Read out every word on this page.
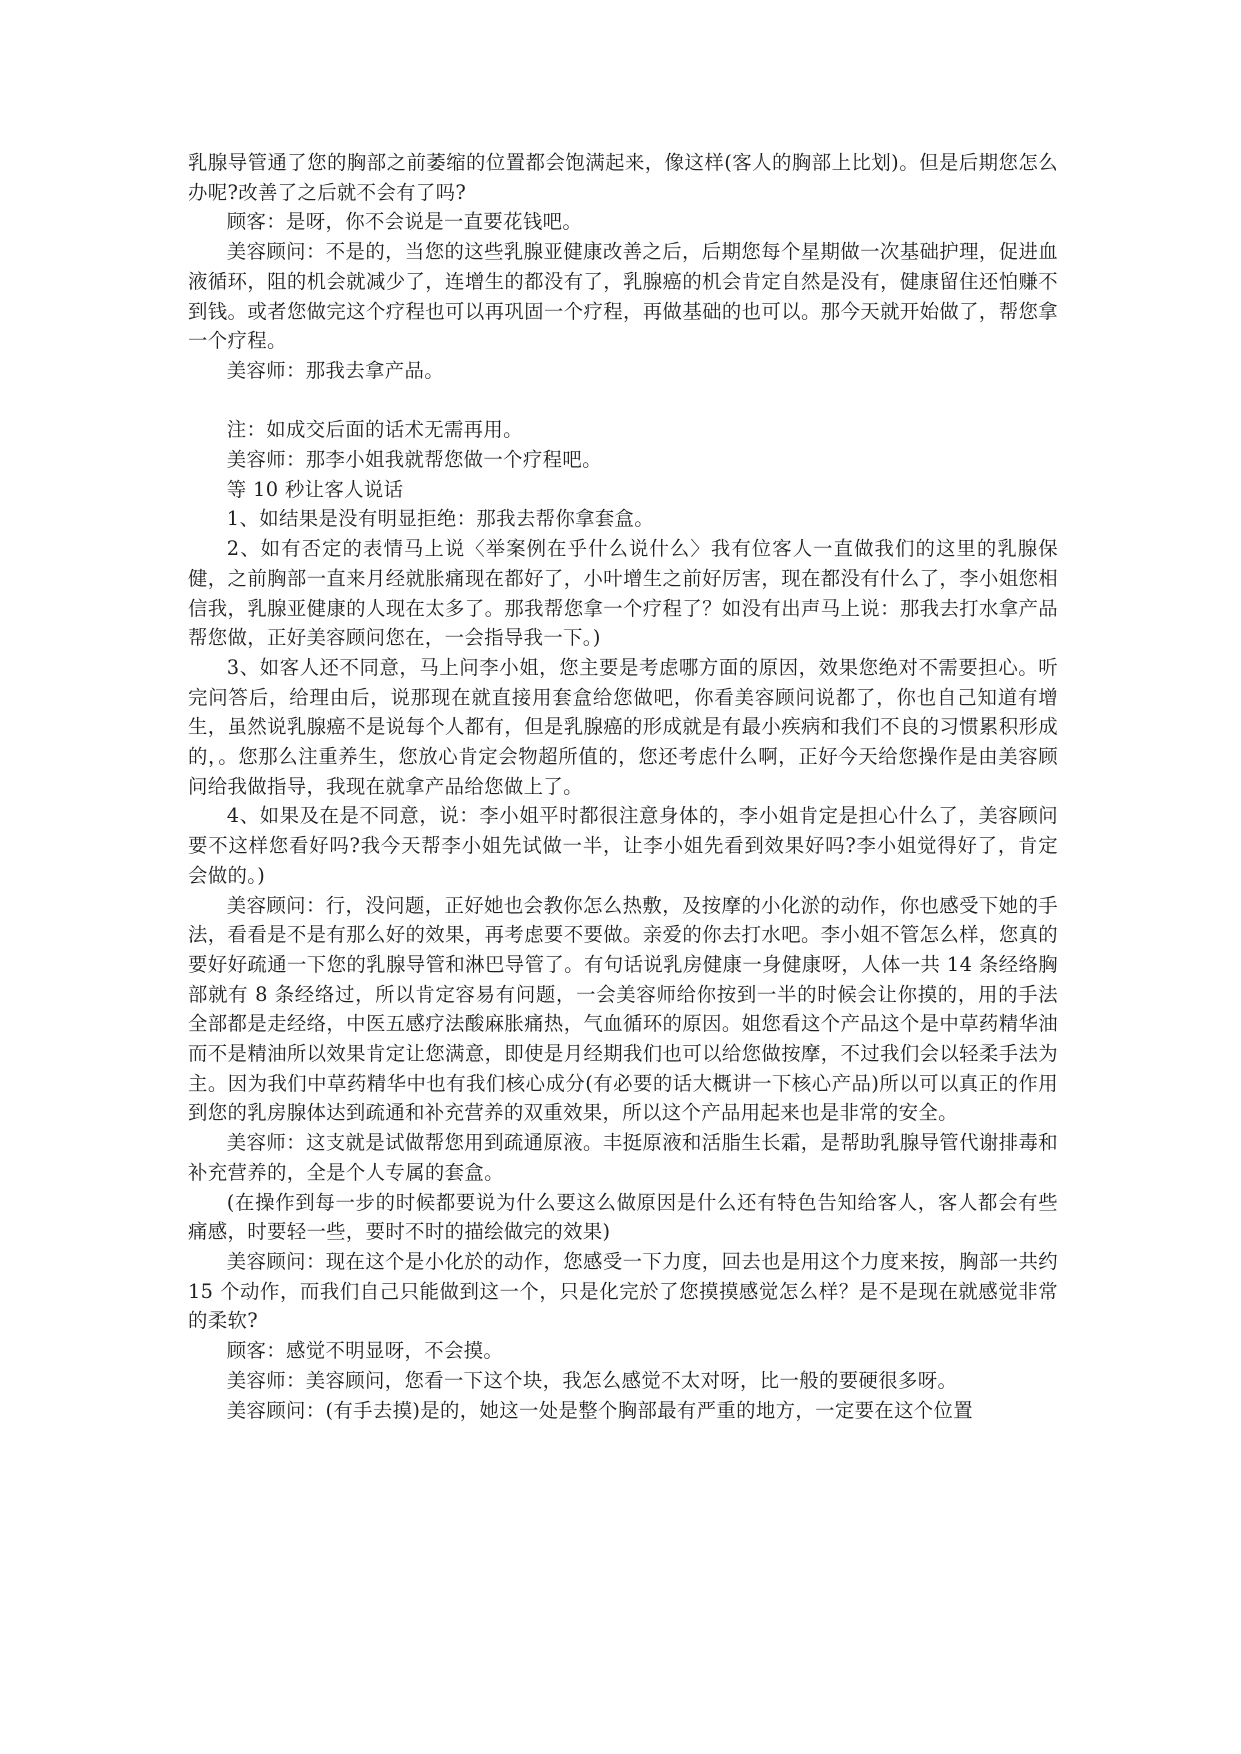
乳腺导管通了您的胸部之前萎缩的位置都会饱满起来，像这样(客人的胸部上比划)。但是后期您怎么办呢?改善了之后就不会有了吗?

顾客：是呀，你不会说是一直要花钱吧。

美容顾问：不是的，当您的这些乳腺亚健康改善之后，后期您每个星期做一次基础护理，促进血液循环，阻的机会就减少了，连增生的都没有了，乳腺癌的机会肯定自然是没有，健康留住还怕赚不到钱。或者您做完这个疗程也可以再巩固一个疗程，再做基础的也可以。那今天就开始做了，帮您拿一个疗程。

美容师：那我去拿产品。

注：如成交后面的话术无需再用。

美容师：那李小姐我就帮您做一个疗程吧。

等 10 秒让客人说话

1、如结果是没有明显拒绝：那我去帮你拿套盒。

2、如有否定的表情马上说〈举案例在乎什么说什么〉我有位客人一直做我们的这里的乳腺保健，之前胸部一直来月经就胀痛现在都好了，小叶增生之前好厉害，现在都没有什么了，李小姐您相信我，乳腺亚健康的人现在太多了。那我帮您拿一个疗程了？如没有出声马上说：那我去打水拿产品帮您做，正好美容顾问您在，一会指导我一下。)

3、如客人还不同意，马上问李小姐，您主要是考虑哪方面的原因，效果您绝对不需要担心。听完问答后，给理由后，说那现在就直接用套盒给您做吧，你看美容顾问说都了，你也自己知道有增生，虽然说乳腺癌不是说每个人都有，但是乳腺癌的形成就是有最小疾病和我们不良的习惯累积形成的，。您那么注重养生，您放心肯定会物超所值的，您还考虑什么啊，正好今天给您操作是由美容顾问给我做指导，我现在就拿产品给您做上了。

4、如果及在是不同意，说：李小姐平时都很注意身体的，李小姐肯定是担心什么了，美容顾问要不这样您看好吗?我今天帮李小姐先试做一半，让李小姐先看到效果好吗?李小姐觉得好了，肯定会做的。)

美容顾问：行，没问题，正好她也会教你怎么热敷，及按摩的小化淤的动作，你也感受下她的手法，看看是不是有那么好的效果，再考虑要不要做。亲爱的你去打水吧。李小姐不管怎么样，您真的要好好疏通一下您的乳腺导管和淋巴导管了。有句话说乳房健康一身健康呀，人体一共 14 条经络胸部就有 8 条经络过，所以肯定容易有问题，一会美容师给你按到一半的时候会让你摸的，用的手法全部都是走经络，中医五感疗法酸麻胀痛热，气血循环的原因。姐您看这个产品这个是中草药精华油而不是精油所以效果肯定让您满意，即使是月经期我们也可以给您做按摩，不过我们会以轻柔手法为主。因为我们中草药精华中也有我们核心成分(有必要的话大概讲一下核心产品)所以可以真正的作用到您的乳房腺体达到疏通和补充营养的双重效果，所以这个产品用起来也是非常的安全。

美容师：这支就是试做帮您用到疏通原液。丰挺原液和活脂生长霜，是帮助乳腺导管代谢排毒和补充营养的，全是个人专属的套盒。

(在操作到每一步的时候都要说为什么要这么做原因是什么还有特色告知给客人，客人都会有些痛感，时要轻一些，要时不时的描绘做完的效果)

美容顾问：现在这个是小化於的动作，您感受一下力度，回去也是用这个力度来按，胸部一共约 15 个动作，而我们自己只能做到这一个，只是化完於了您摸摸感觉怎么样？是不是现在就感觉非常的柔软?

顾客：感觉不明显呀，不会摸。

美容师：美容顾问，您看一下这个块，我怎么感觉不太对呀，比一般的要硬很多呀。

美容顾问：(有手去摸)是的，她这一处是整个胸部最有严重的地方，一定要在这个位置
